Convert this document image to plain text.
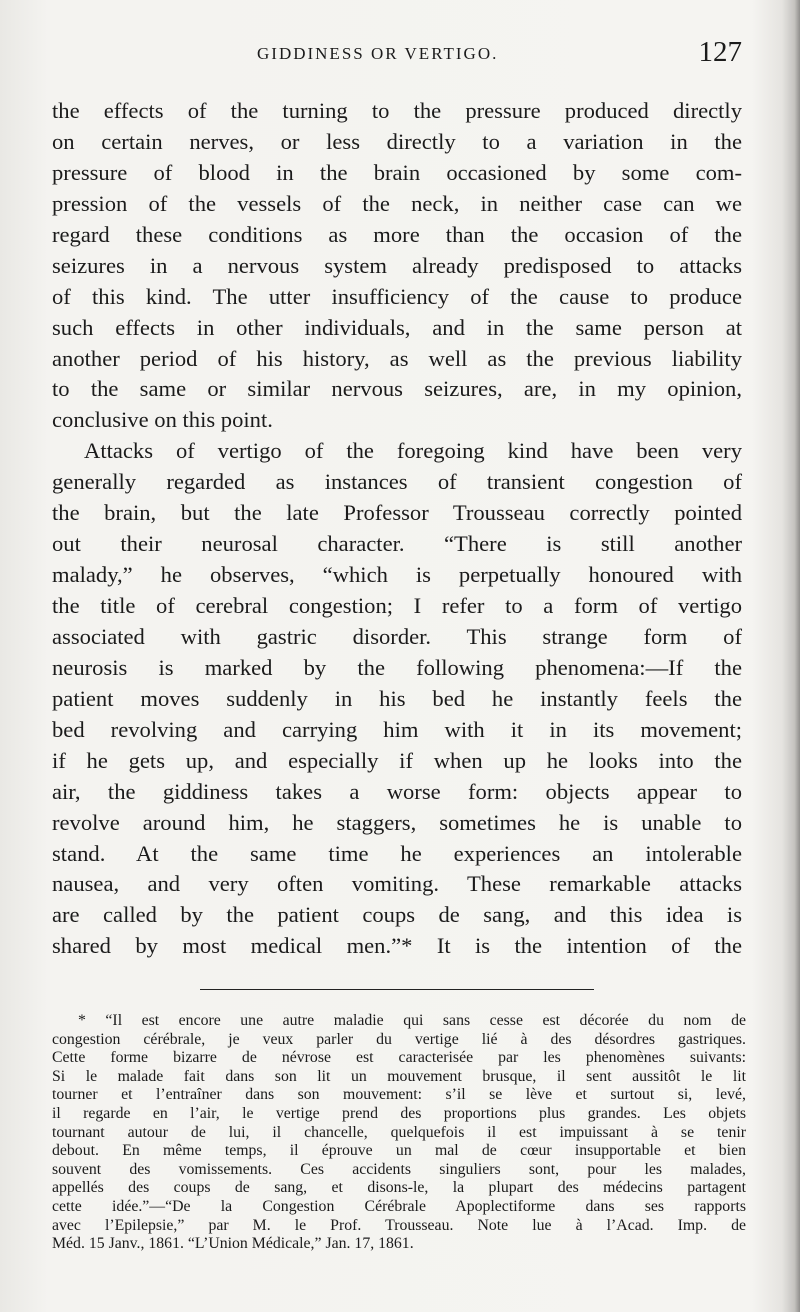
GIDDINESS OR VERTIGO.	127
the effects of the turning to the pressure produced directly
on certain nerves, or less directly to a variation in the
pressure of blood in the brain occasioned by some com-
pression of the vessels of the neck, in neither case can we
regard these conditions as more than the occasion of the
seizures in a nervous system already predisposed to attacks
of this kind. The utter insufficiency of the cause to produce
such effects in other individuals, and in the same person at
another period of his history, as well as the previous liability
to the same or similar nervous seizures, are, in my opinion,
conclusive on this point.
Attacks of vertigo of the foregoing kind have been very
generally regarded as instances of transient congestion of
the brain, but the late Professor Trousseau correctly pointed
out their neurosal character. “There is still another
malady,” he observes, “which is perpetually honoured with
the title of cerebral congestion; I refer to a form of vertigo
associated with gastric disorder. This strange form of
neurosis is marked by the following phenomena:—If the
patient moves suddenly in his bed he instantly feels the
bed revolving and carrying him with it in its movement;
if he gets up, and especially if when up he looks into the
air, the giddiness takes a worse form: objects appear to
revolve around him, he staggers, sometimes he is unable to
stand. At the same time he experiences an intolerable
nausea, and very often vomiting. These remarkable attacks
are called by the patient coups de sang, and this idea is
shared by most medical men.”* It is the intention of the
* “Il est encore une autre maladie qui sans cesse est décorée du nom de
congestion cérébrale, je veux parler du vertige lié à des désordres gastriques.
Cette forme bizarre de névrose est caracterisée par les phenomènes suivants:
Si le malade fait dans son lit un mouvement brusque, il sent aussitôt le lit
tourner et l’entraîner dans son mouvement: s’il se lève et surtout si, levé,
il regarde en l’air, le vertige prend des proportions plus grandes. Les objets
tournant autour de lui, il chancelle, quelquefois il est impuissant à se tenir
debout. En même temps, il éprouve un mal de cœur insupportable et bien
souvent des vomissements. Ces accidents singuliers sont, pour les malades,
appellés des coups de sang, et disons-le, la plupart des médecins partagent
cette idée.”—“De la Congestion Cérébrale Apoplectiforme dans ses rapports
avec l’Epilepsie,” par M. le Prof. Trousseau. Note lue à l’Acad. Imp. de
Méd. 15 Janv., 1861. “L’Union Médicale,” Jan. 17, 1861.
